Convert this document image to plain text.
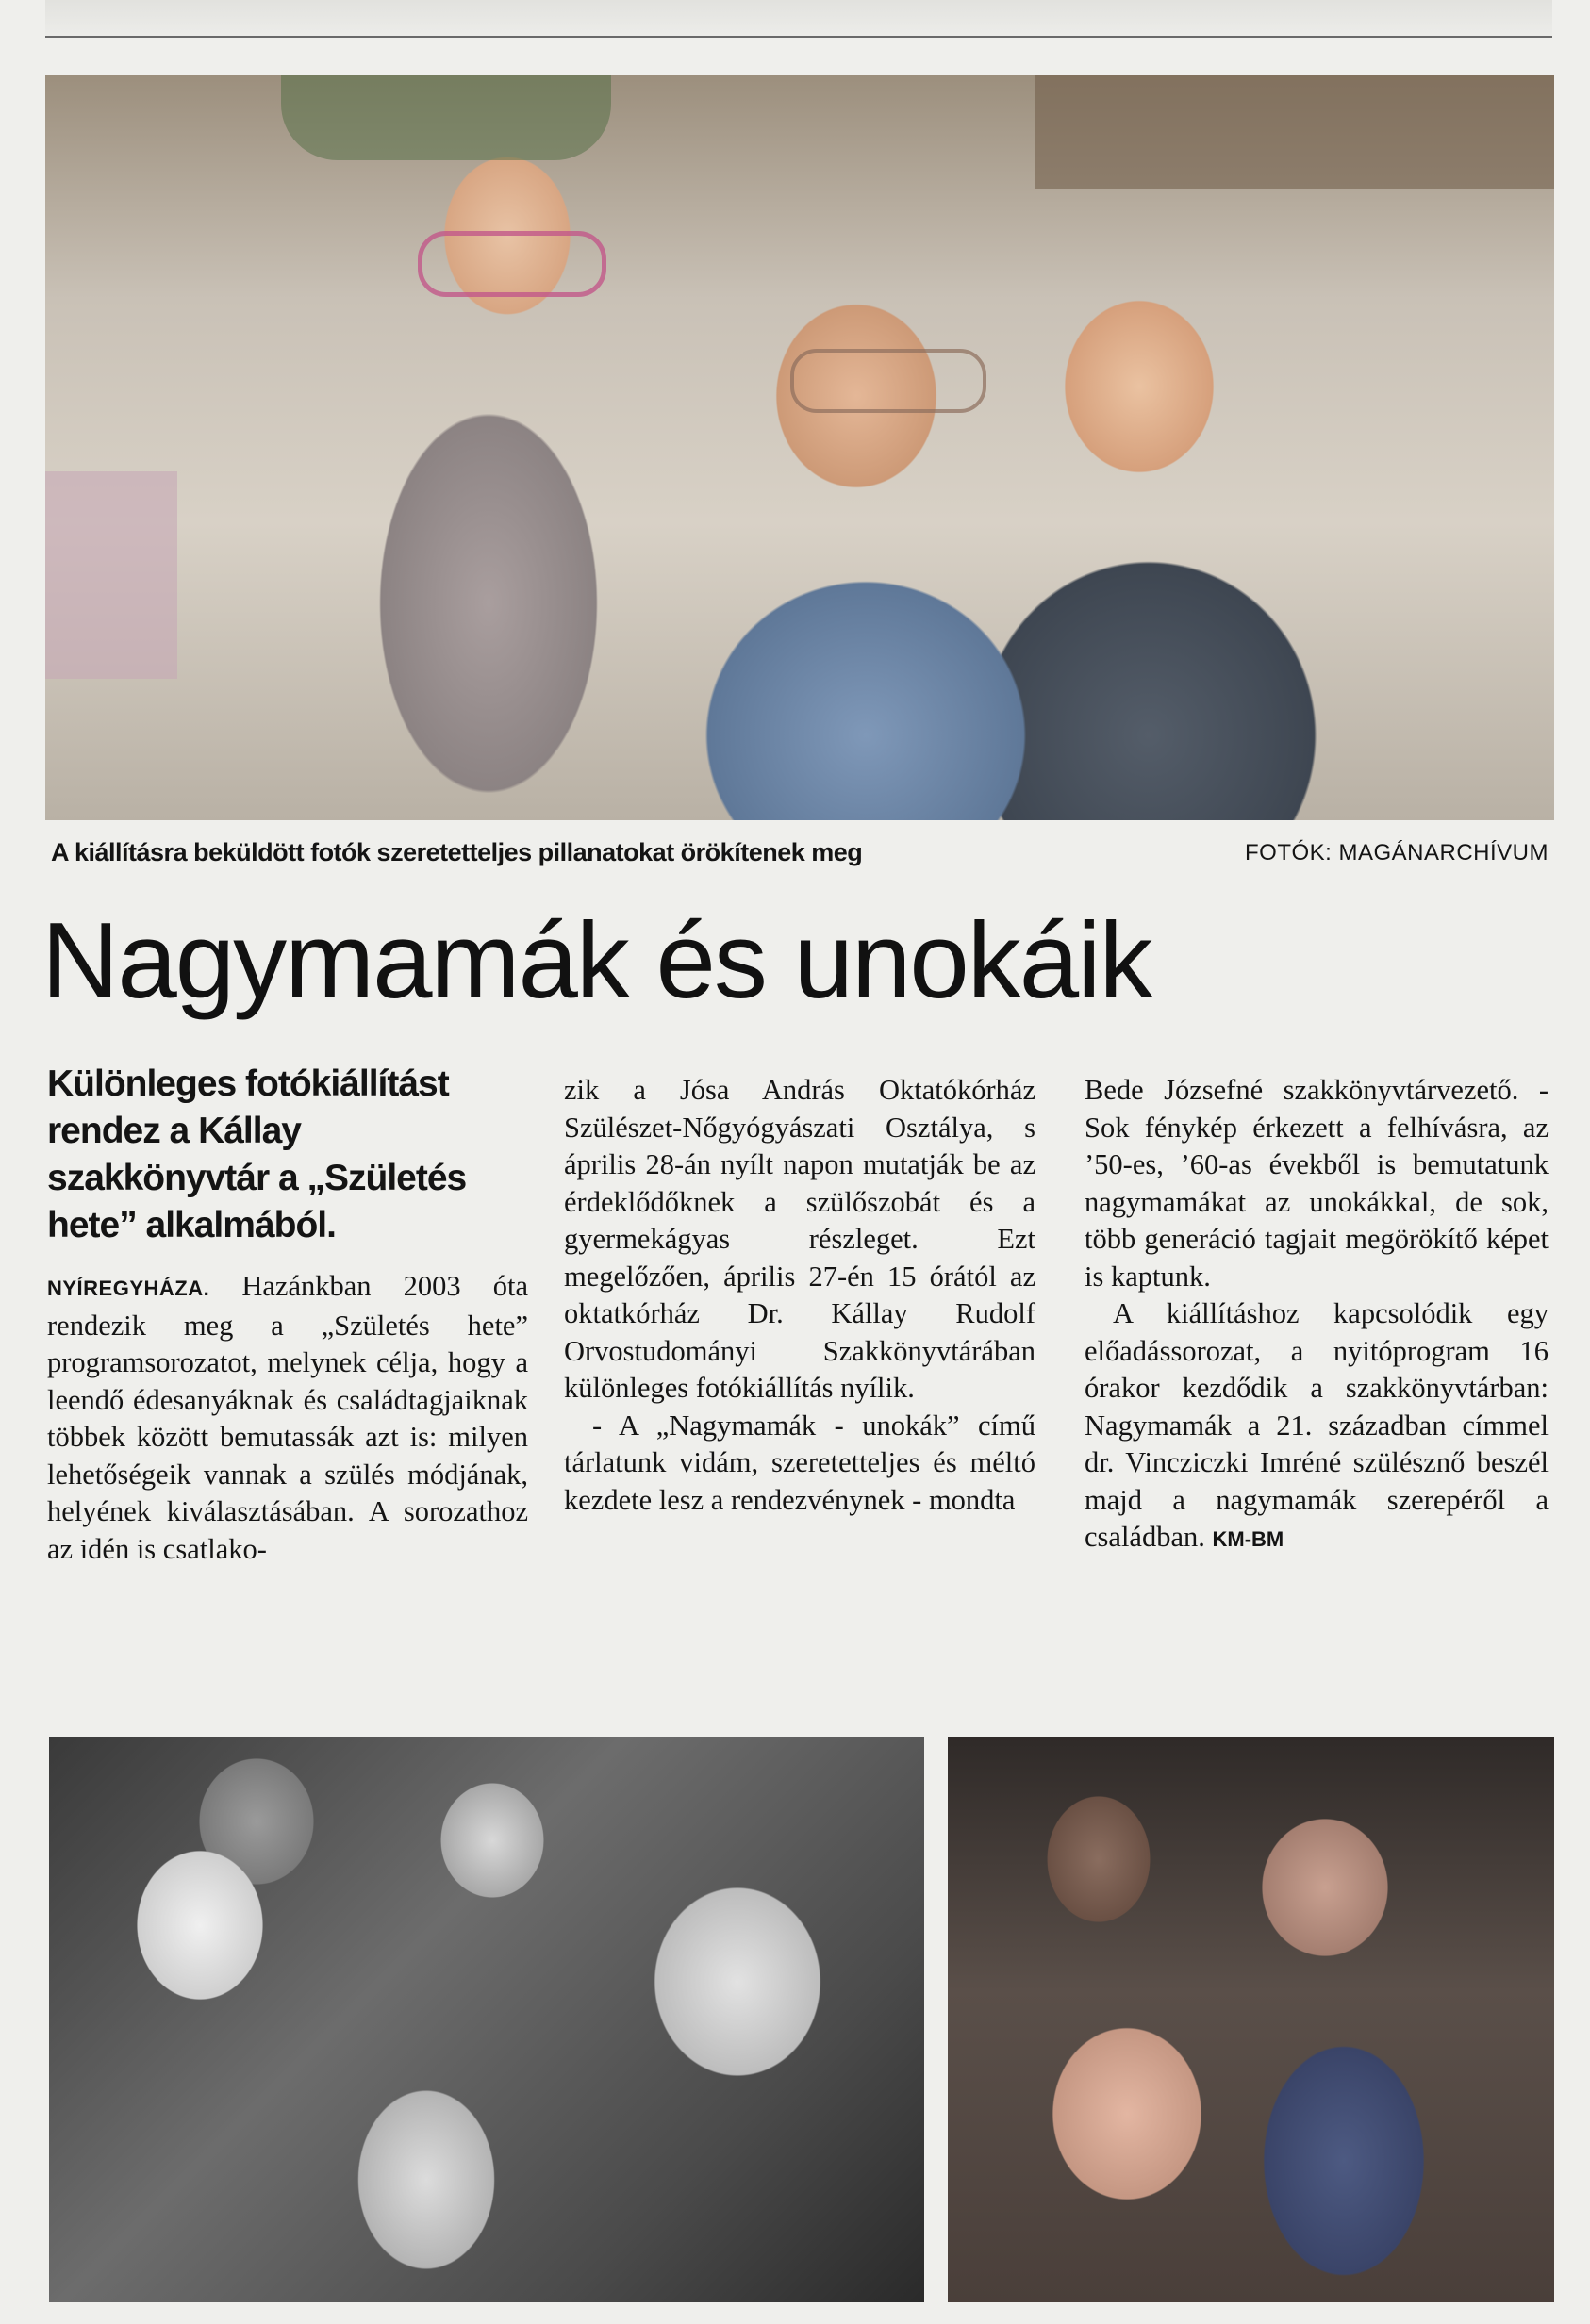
A kiállításra beküldött fotók szeretetteljes pillanatokat örökítenek meg	FOTÓK: MAGÁNARCHÍVUM
Nagymamák és unokáik
Különleges fotókiállítást rendez a Kállay szakkönyvtár a „Születés hete” alkalmából.

NYÍREGYHÁZA. Hazánkban 2003 óta rendezik meg a „Születés hete” programsorozatot, melynek célja, hogy a leendő édesanyáknak és családtagjaiknak többek között bemutassák azt is: milyen lehetőségeik vannak a szülés módjának, helyének kiválasztásában. A sorozathoz az idén is csatlako-

zik a Jósa András Oktatókórház Szülészet-Nőgyógyászati Osztálya, s április 28-án nyílt napon mutatják be az érdeklődőknek a szülőszobát és a gyermekágyas részleget. Ezt megelőzően, április 27-én 15 órától az oktatkórház Dr. Kállay Rudolf Orvostudományi Szakkönyvtárában különleges fotókiállítás nyílik.

- A „Nagymamák - unokák” című tárlatunk vidám, szeretetteljes és méltó kezdete lesz a rendezvénynek - mondta

Bede Józsefné szakkönyvtárvezető. - Sok fénykép érkezett a felhívásra, az ’50-es, ’60-as évekből is bemutatunk nagymamákat az unokákkal, de sok, több generáció tagjait megörökítő képet is kaptunk.

A kiállításhoz kapcsolódik egy előadássorozat, a nyitóprogram 16 órakor kezdődik a szakkönyvtárban: Nagymamák a 21. században címmel dr. Vincziczki Imréné szülésznő beszél majd a nagymamák szerepéről a családban. KM-BM
